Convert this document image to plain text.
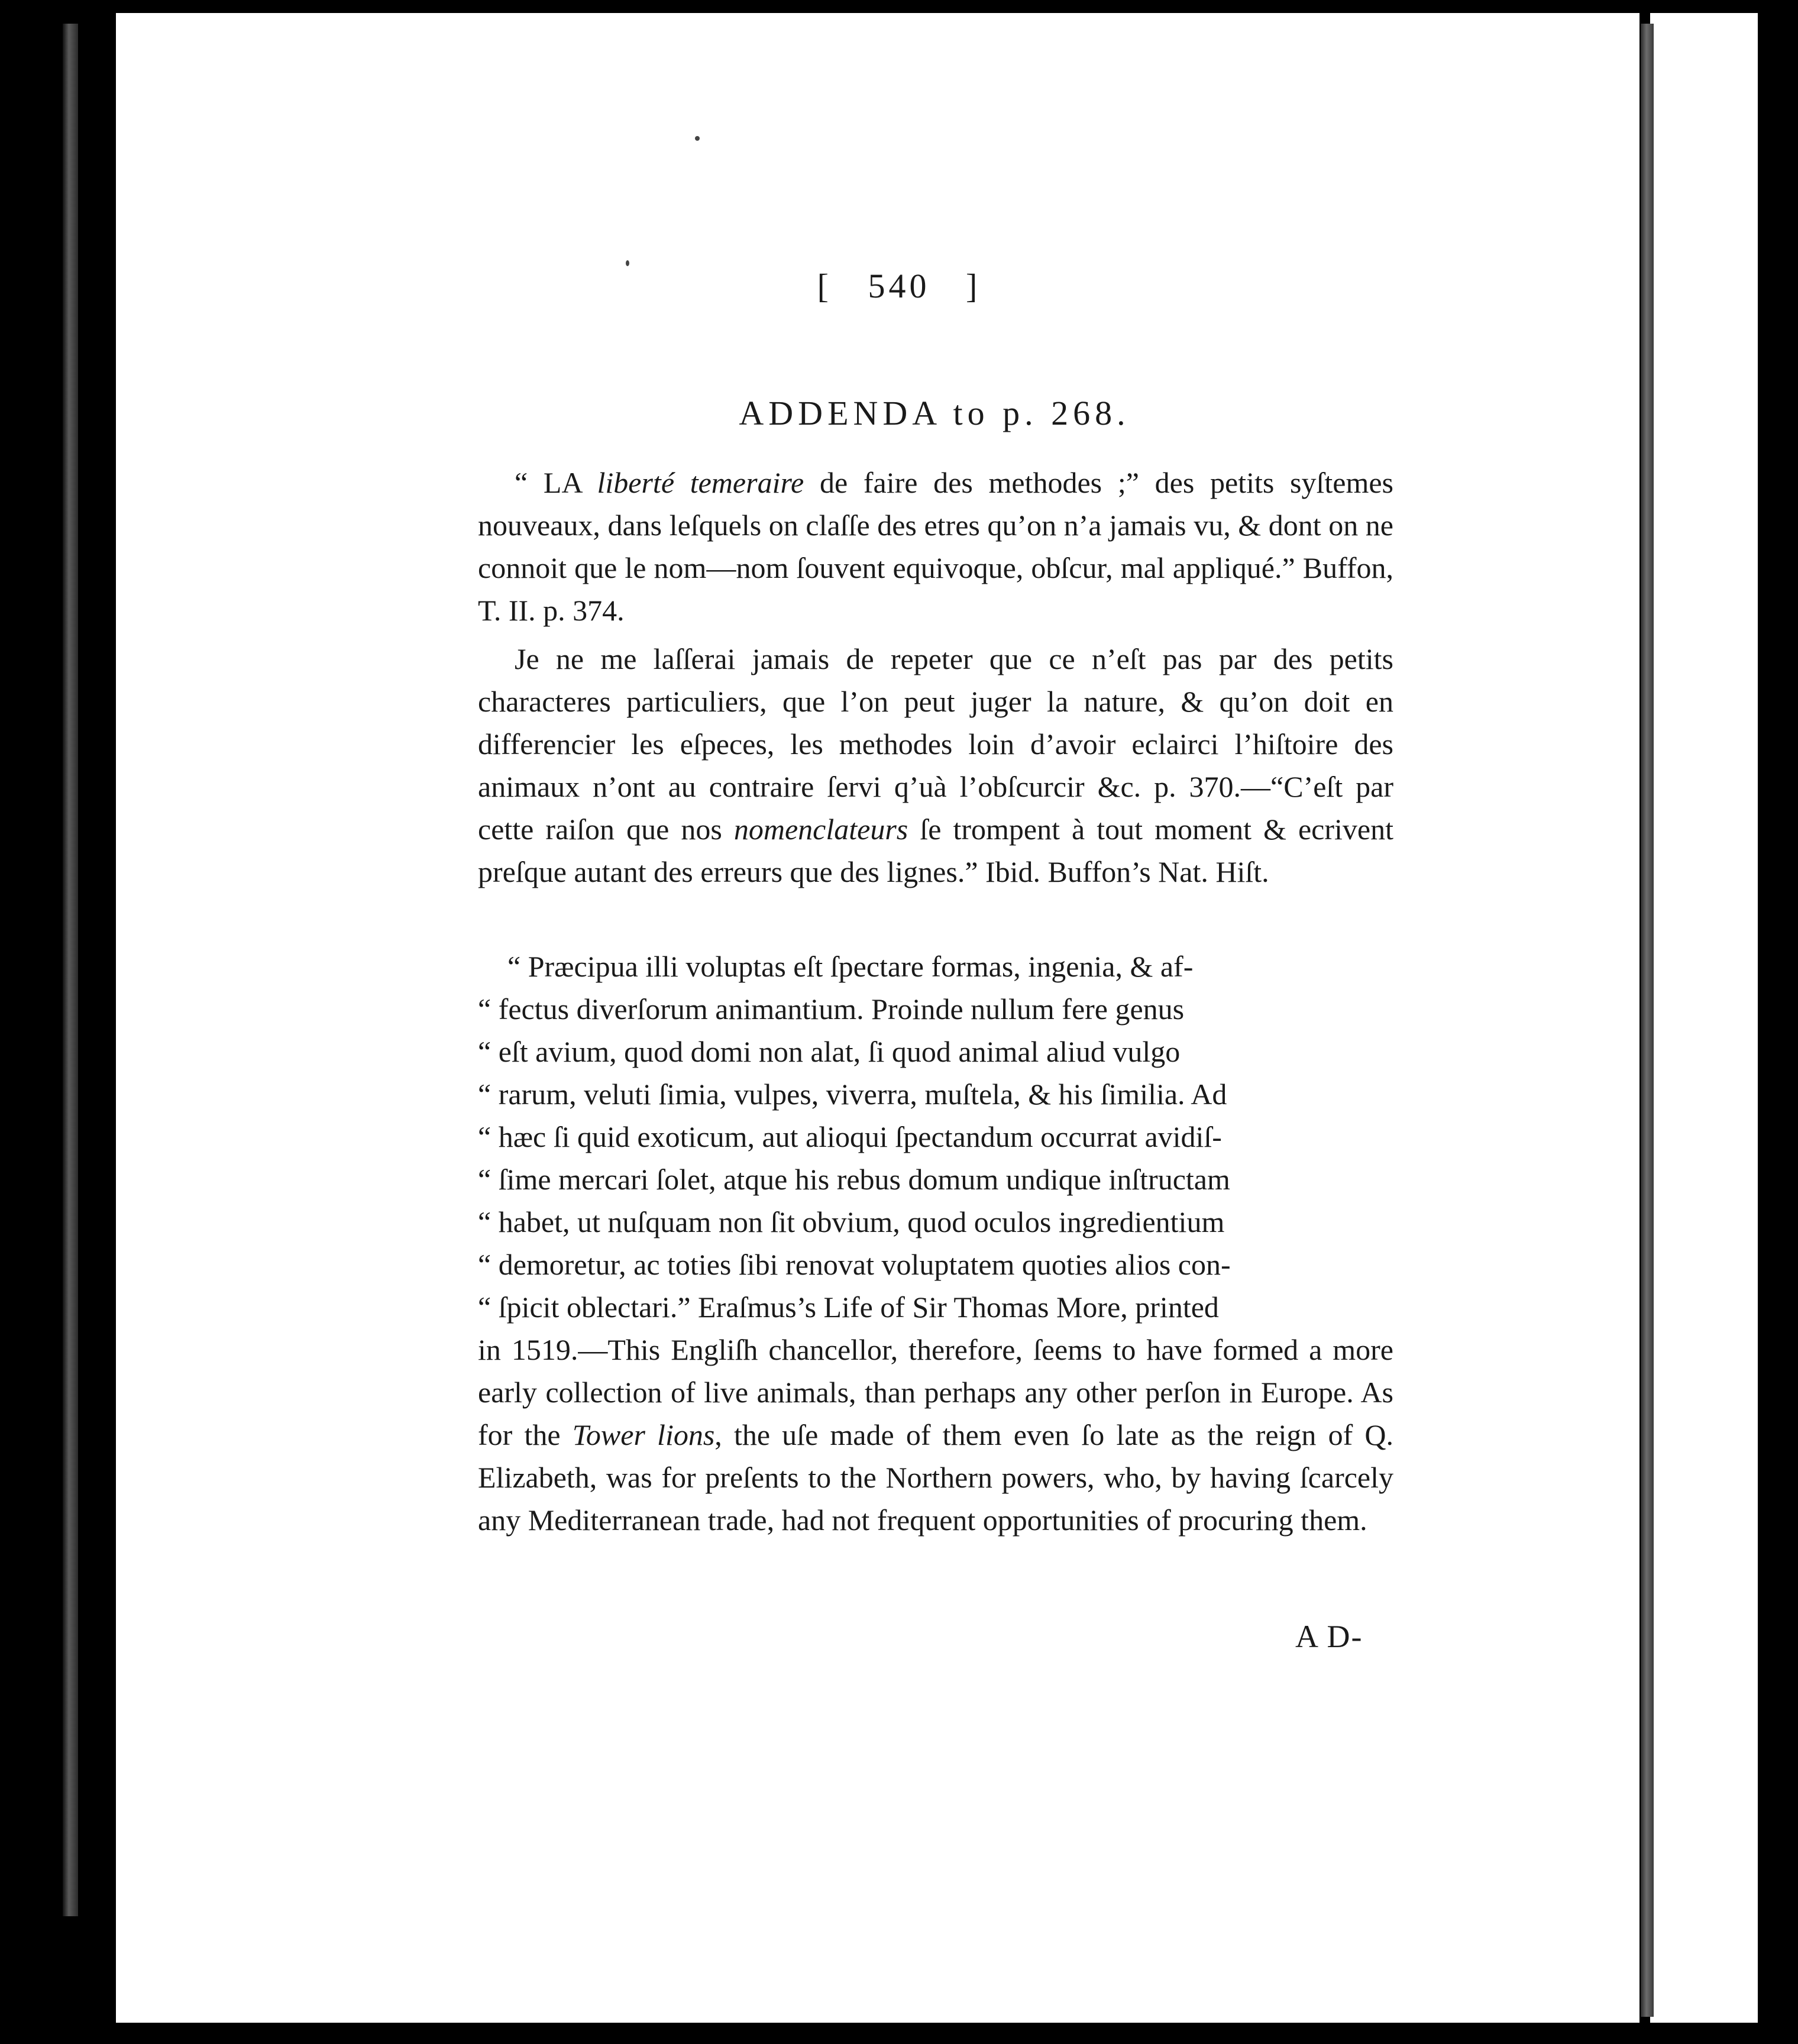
[ 540 ]
ADDENDA to p. 268.

“ LA liberté temeraire de faire des methodes ;” des petits syſtemes nouveaux, dans leſquels on claſſe des etres qu’on n’a jamais vu, & dont on ne connoit que le nom—nom ſouvent equivoque, obſcur, mal appliqué.” Buffon, T. II. p. 374.

Je ne me laſſerai jamais de repeter que ce n’eſt pas par des petits characteres particuliers, que l’on peut juger la nature, & qu’on doit en differencier les eſpeces, les methodes loin d’avoir eclairci l’hiſtoire des animaux n’ont au contraire ſervi q’uà l’obſcurcir &c. p. 370.—“C’eſt par cette raiſon que nos nomenclateurs ſe trompent à tout moment & ecrivent preſque autant des erreurs que des lignes.” Ibid. Buffon’s Nat. Hiſt.

“ Præcipua illi voluptas eſt ſpectare formas, ingenia, & af-

“ fectus diverſorum animantium. Proinde nullum fere genus

“ eſt avium, quod domi non alat, ſi quod animal aliud vulgo

“ rarum, veluti ſimia, vulpes, viverra, muſtela, & his ſimilia. Ad

“ hæc ſi quid exoticum, aut alioqui ſpectandum occurrat avidiſ-

“ ſime mercari ſolet, atque his rebus domum undique inſtructam

“ habet, ut nuſquam non ſit obvium, quod oculos ingredientium

“ demoretur, ac toties ſibi renovat voluptatem quoties alios con-

“ ſpicit oblectari.” Eraſmus’s Life of Sir Thomas More, printed

in 1519.—This Engliſh chancellor, therefore, ſeems to have formed a more early collection of live animals, than perhaps any other perſon in Europe. As for the Tower lions, the uſe made of them even ſo late as the reign of Q. Elizabeth, was for preſents to the Northern powers, who, by having ſcarcely any Mediterranean trade, had not frequent opportunities of procuring them.

A D-
